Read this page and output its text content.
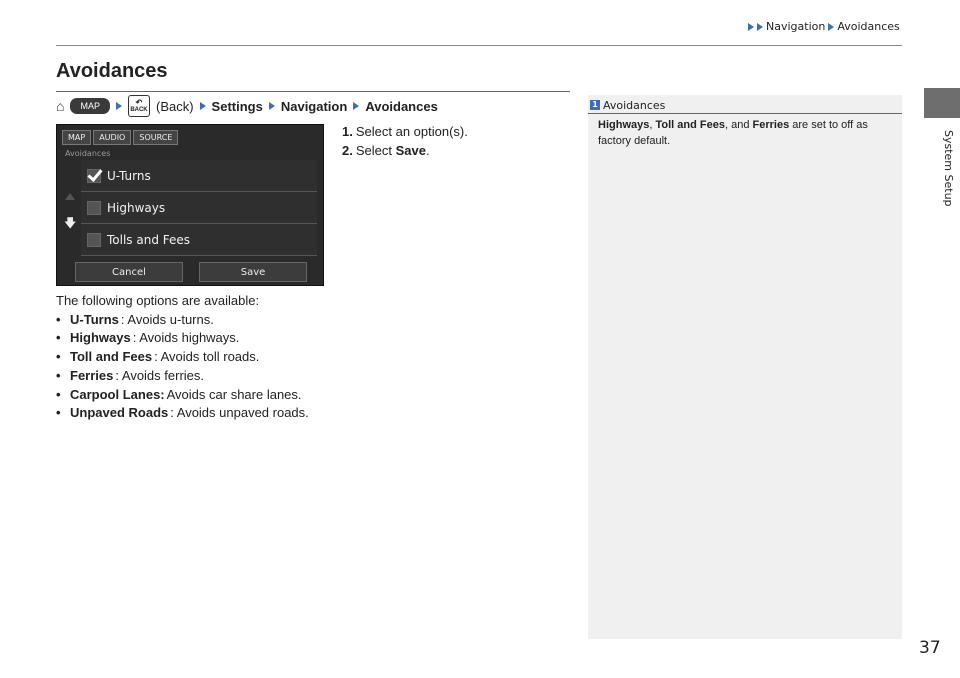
Navigation Avoidances
System Setup
Avoidances
⌂	MAP	↶
BACK (Back) Settings Navigation Avoidances
MAP	AUDIO	SOURCE
Avoidances
🡇
U-Turns
Highways
Tolls and Fees
Cancel	Save
1. Select an option(s).
2. Select Save.
The following options are available:
• U-Turns : Avoids u-turns.
• Highways : Avoids highways.
• Toll and Fees : Avoids toll roads.
• Ferries : Avoids ferries.
• Carpool Lanes: Avoids car share lanes.
• Unpaved Roads : Avoids unpaved roads.
1 Avoidances
Highways, Toll and Fees, and Ferries are set to off as factory default.
37
